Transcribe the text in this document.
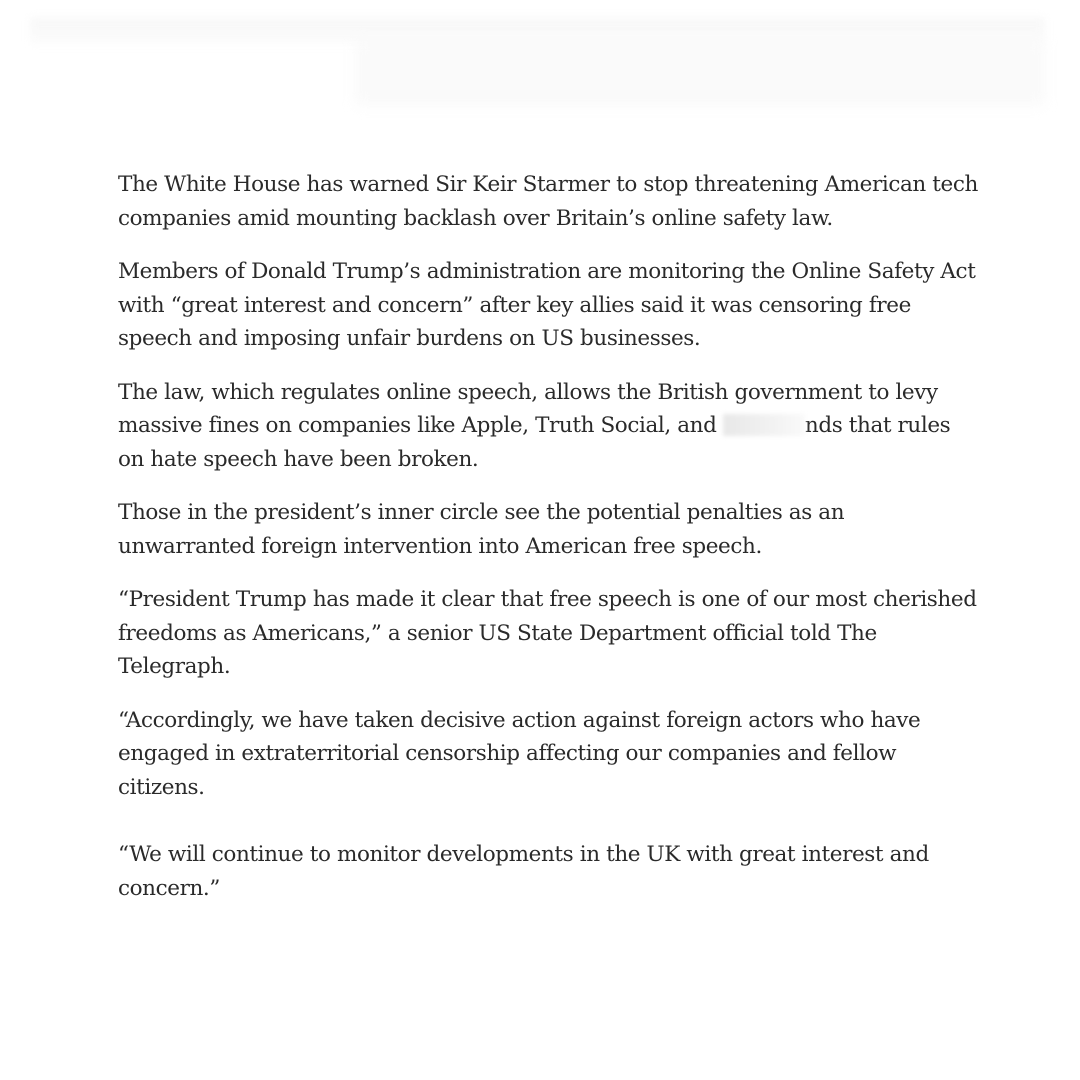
The White House has warned Sir Keir Starmer to stop threatening American tech companies amid mounting backlash over Britain’s online safety law.

Members of Donald Trump’s administration are monitoring the Online Safety Act with “great interest and concern” after key allies said it was censoring free speech and imposing unfair burdens on US businesses.

The law, which regulates online speech, allows the British government to levy massive fines on companies like Apple, Truth Social, and	nds that rules on hate speech have been broken.

Those in the president’s inner circle see the potential penalties as an unwarranted foreign intervention into American free speech.

“President Trump has made it clear that free speech is one of our most cherished freedoms as Americans,” a senior US State Department official told The Telegraph.

“Accordingly, we have taken decisive action against foreign actors who have engaged in extraterritorial censorship affecting our companies and fellow citizens.

“We will continue to monitor developments in the UK with great interest and concern.”
